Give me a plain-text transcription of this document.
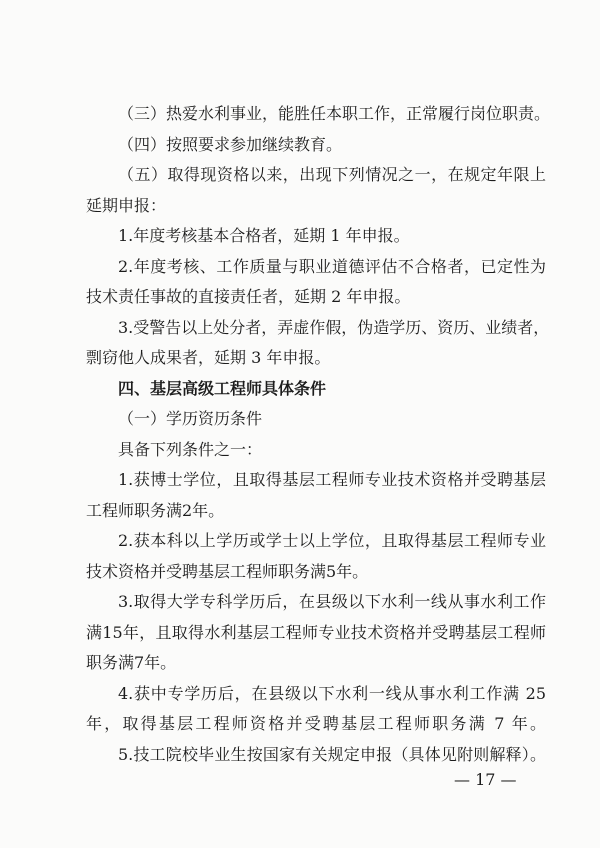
（三）热爱水利事业，能胜任本职工作，正常履行岗位职责。
（四）按照要求参加继续教育。
（五）取得现资格以来，出现下列情况之一，在规定年限上
延期申报：
1.年度考核基本合格者，延期 1 年申报。
2.年度考核、工作质量与职业道德评估不合格者，已定性为
技术责任事故的直接责任者，延期 2 年申报。
3.受警告以上处分者，弄虚作假，伪造学历、资历、业绩者，
剽窃他人成果者，延期 3 年申报。
四、基层高级工程师具体条件
（一）学历资历条件
具备下列条件之一：
1.获博士学位，且取得基层工程师专业技术资格并受聘基层
工程师职务满2年。
2.获本科以上学历或学士以上学位，且取得基层工程师专业
技术资格并受聘基层工程师职务满5年。
3.取得大学专科学历后，在县级以下水利一线从事水利工作
满15年，且取得水利基层工程师专业技术资格并受聘基层工程师
职务满7年。
4.获中专学历后，在县级以下水利一线从事水利工作满 25
年，取得基层工程师资格并受聘基层工程师职务满 7 年。
5.技工院校毕业生按国家有关规定申报（具体见附则解释）。
— 17 —
